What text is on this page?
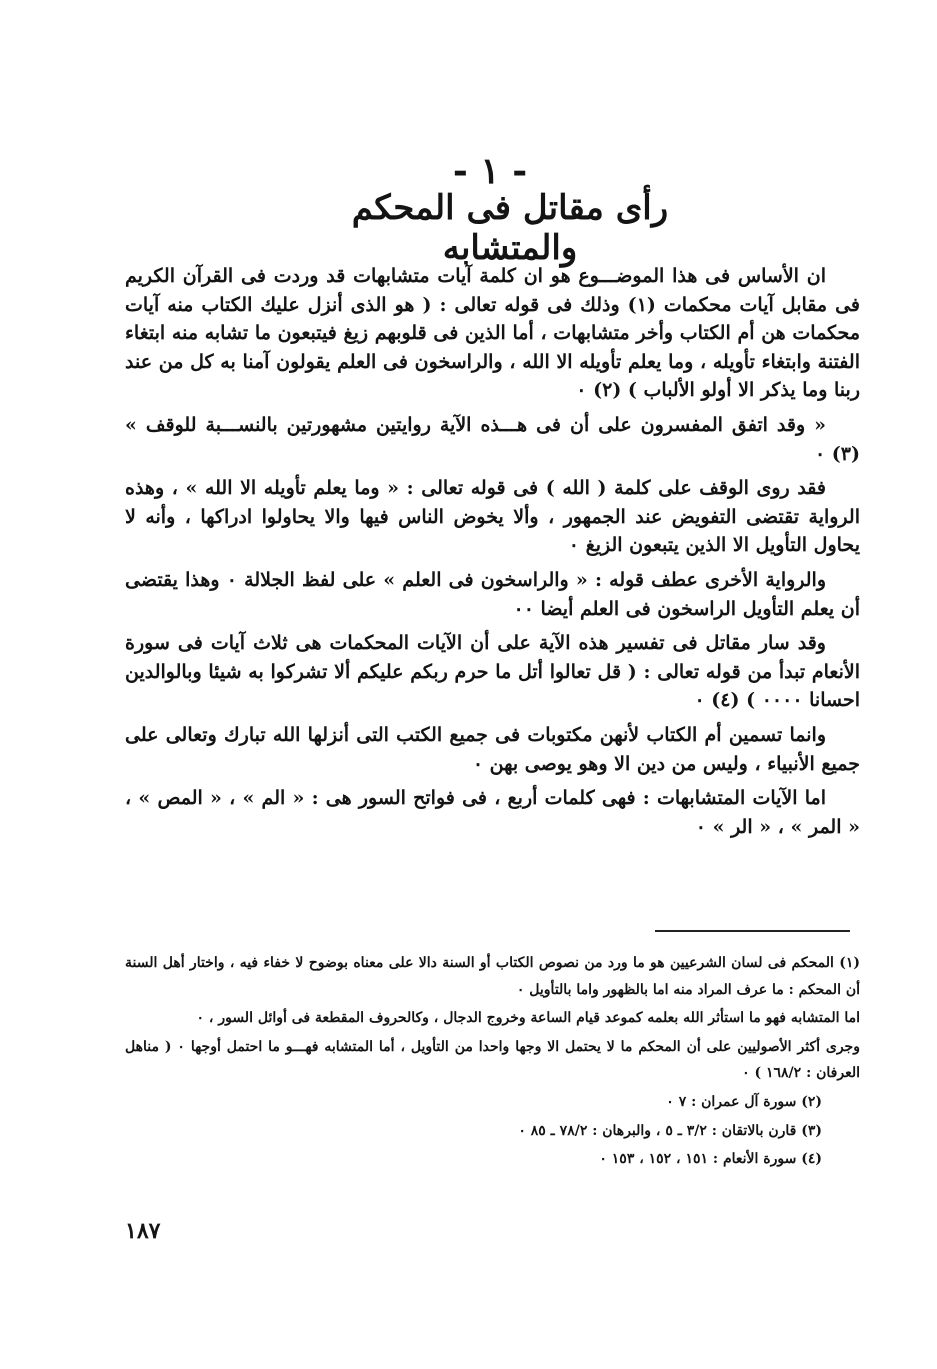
- ١ -
رأى مقاتل فى المحكم والمتشابه

ان الأساس فى هذا الموضـــوع هو ان كلمة آيات متشابهات قد وردت فى القرآن الكريم فى مقابل آيات محكمات (١) وذلك فى قوله تعالى : ( هو الذى أنزل عليك الكتاب منه آيات محكمات هن أم الكتاب وأخر متشابهات ، أما الذين فى قلوبهم زيغ فيتبعون ما تشابه منه ابتغاء الفتنة وابتغاء تأويله ، وما يعلم تأويله الا الله ، والراسخون فى العلم يقولون آمنا به كل من عند ربنا وما يذكر الا أولو الألباب ) (٢) ٠

« وقد اتفق المفسرون على أن فى هـــذه الآية روايتين مشهورتين بالنســـبة للوقف » (٣) ٠

فقد روى الوقف على كلمة ( الله ) فى قوله تعالى : « وما يعلم تأويله الا الله » ، وهذه الرواية تقتضى التفويض عند الجمهور ، وألا يخوض الناس فيها والا يحاولوا ادراكها ، وأنه لا يحاول التأويل الا الذين يتبعون الزيغ ٠

والرواية الأخرى عطف قوله : « والراسخون فى العلم » على لفظ الجلالة ٠ وهذا يقتضى أن يعلم التأويل الراسخون فى العلم أيضا ٠٠

وقد سار مقاتل فى تفسير هذه الآية على أن الآيات المحكمات هى ثلاث آيات فى سورة الأنعام تبدأ من قوله تعالى : ( قل تعالوا أتل ما حرم ربكم عليكم ألا تشركوا به شيئا وبالوالدين احسانا ٠٠٠٠ ) (٤) ٠

وانما تسمين أم الكتاب لأنهن مكتوبات فى جميع الكتب التى أنزلها الله تبارك وتعالى على جميع الأنبياء ، وليس من دين الا وهو يوصى بهن ٠

اما الآيات المتشابهات : فهى كلمات أربع ، فى فواتح السور هى : « الم » ، « المص » ، « المر » ، « الر » ٠

(١) المحكم فى لسان الشرعيين هو ما ورد من نصوص الكتاب أو السنة دالا على معناه بوضوح لا خفاء فيه ، واختار أهل السنة أن المحكم : ما عرف المراد منه اما بالظهور واما بالتأويل ٠

اما المتشابه فهو ما استأثر الله بعلمه كموعد قيام الساعة وخروج الدجال ، وكالحروف المقطعة فى أوائل السور ، ٠

وجرى أكثر الأصوليين على أن المحكم ما لا يحتمل الا وجها واحدا من التأويل ، أما المتشابه فهـــو ما احتمل أوجها ٠ ( مناهل العرفان : ١٦٨/٢ ) ٠

(٢) سورة آل عمران : ٧ ٠

(٣) قارن بالاتقان : ٣/٢ ـ ٥ ، والبرهان : ٧٨/٢ ـ ٨٥ ٠

(٤) سورة الأنعام : ١٥١ ، ١٥٢ ، ١٥٣ ٠

١٨٧
